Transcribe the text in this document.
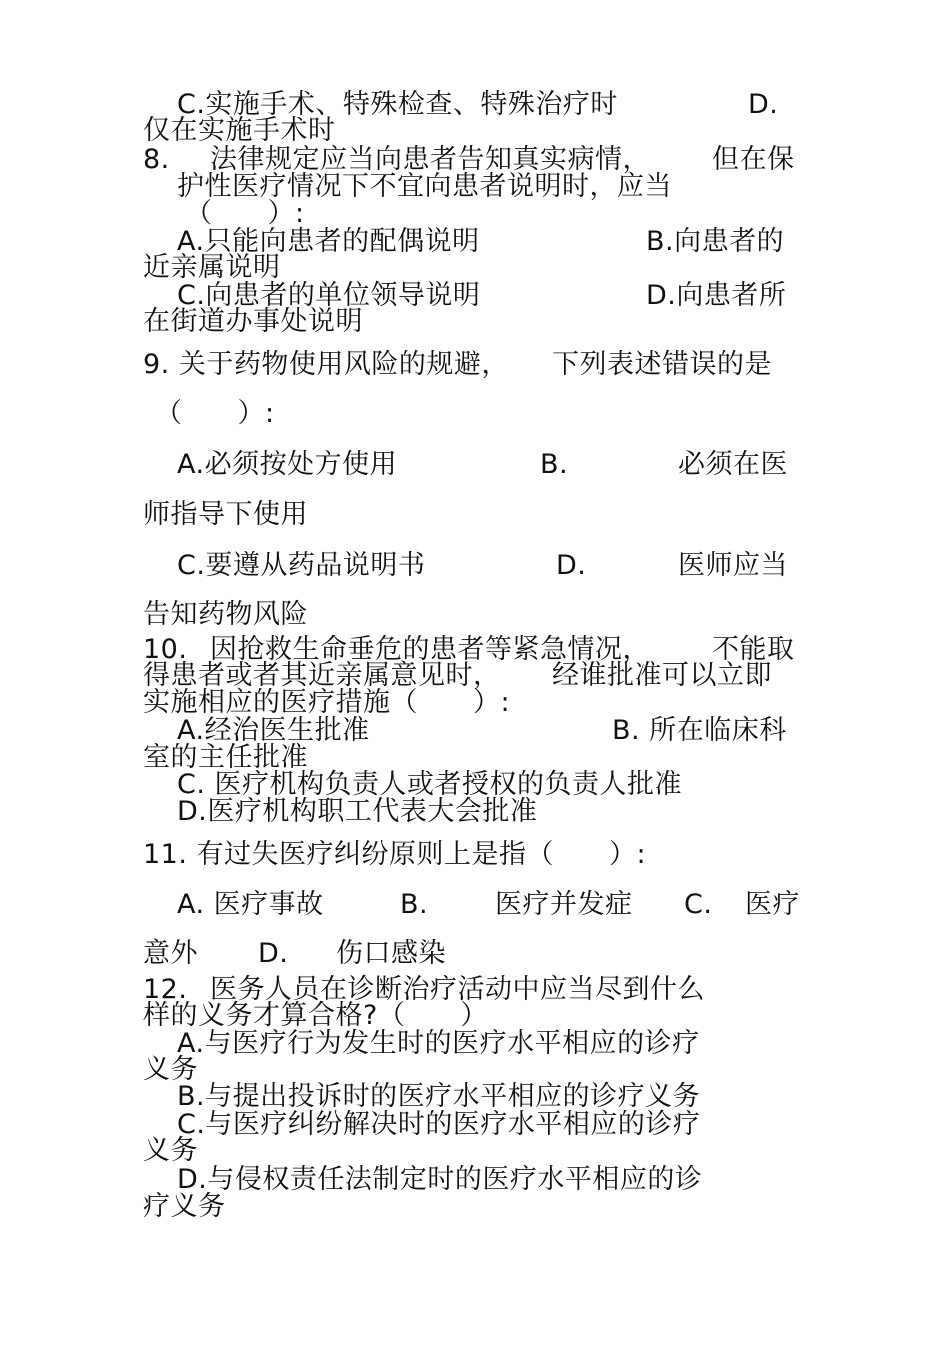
C.实施手术、特殊检查、特殊治疗时	D.
仅在实施手术时
8. 法律规定应当向患者告知真实病情， 但在保
护性医疗情况下不宜向患者说明时，应当
（　　）:
A.只能向患者的配偶说明	B.向患者的
近亲属说明
C.向患者的单位领导说明	D.向患者所
在街道办事处说明
9. 关于药物使用风险的规避， 下列表述错误的是
（　　）:
A.必须按处方使用	B.	必须在医
师指导下使用
C.要遵从药品说明书	D.	医师应当
告知药物风险
10. 因抢救生命垂危的患者等紧急情况， 不能取
得患者或者其近亲属意见时， 经谁批准可以立即
实施相应的医疗措施（　　）:
A.经治医生批准	B. 所在临床科
室的主任批准
C. 医疗机构负责人或者授权的负责人批准
D.医疗机构职工代表大会批准
11. 有过失医疗纠纷原则上是指（　　）:
A. 医疗事故	B. 医疗并发症 C. 医疗
意外 D. 伤口感染
12. 医务人员在诊断治疗活动中应当尽到什么
样的义务才算合格?（　　）
A.与医疗行为发生时的医疗水平相应的诊疗
义务
B.与提出投诉时的医疗水平相应的诊疗义务
C.与医疗纠纷解决时的医疗水平相应的诊疗
义务
D.与侵权责任法制定时的医疗水平相应的诊
疗义务
